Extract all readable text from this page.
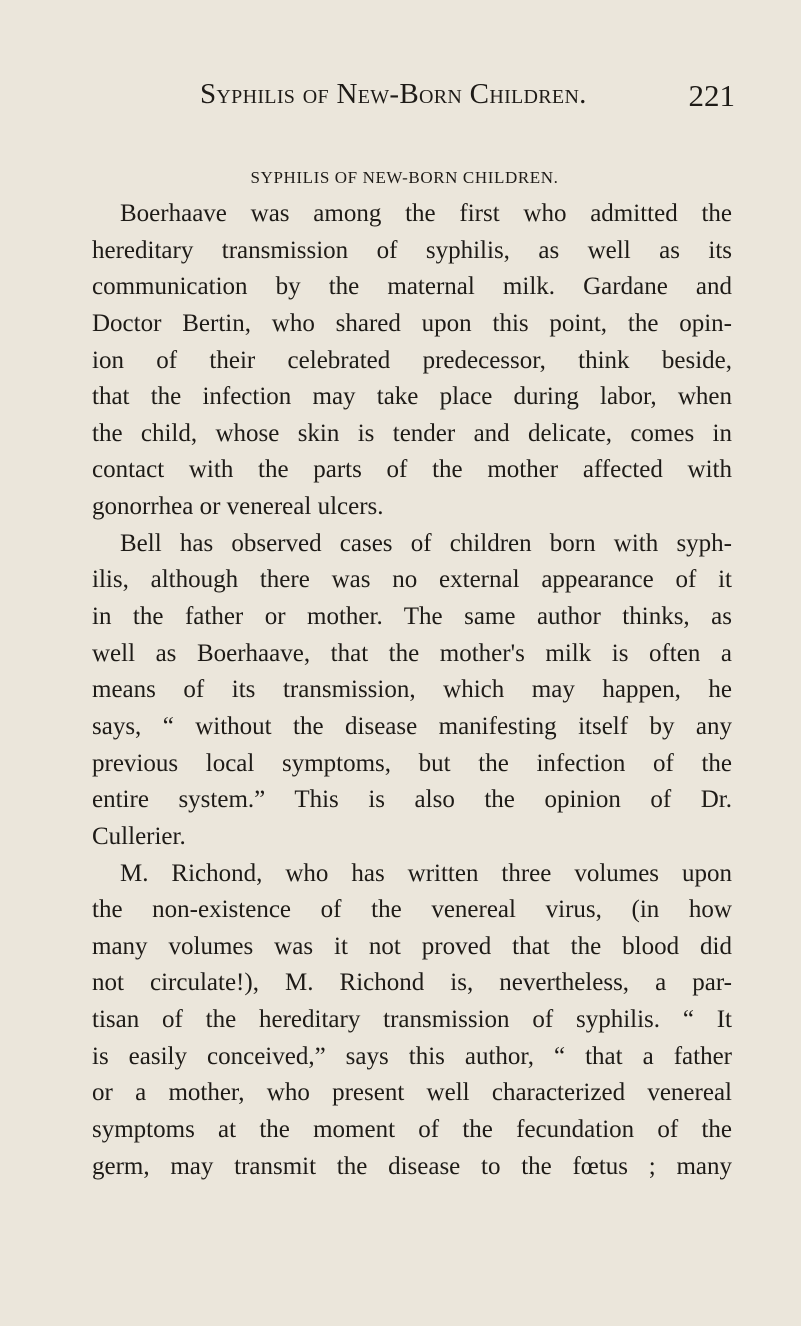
Syphilis of New-Born Children.	221
SYPHILIS OF NEW-BORN CHILDREN.
Boerhaave was among the first who admitted the
hereditary transmission of syphilis, as well as its
communication by the maternal milk. Gardane and
Doctor Bertin, who shared upon this point, the opin-
ion of their celebrated predecessor, think beside,
that the infection may take place during labor, when
the child, whose skin is tender and delicate, comes in
contact with the parts of the mother affected with
gonorrhea or venereal ulcers.
Bell has observed cases of children born with syph-
ilis, although there was no external appearance of it
in the father or mother. The same author thinks, as
well as Boerhaave, that the mother's milk is often a
means of its transmission, which may happen, he
says, “ without the disease manifesting itself by any
previous local symptoms, but the infection of the
entire system.” This is also the opinion of Dr.
Cullerier.
M. Richond, who has written three volumes upon
the non-existence of the venereal virus, (in how
many volumes was it not proved that the blood did
not circulate!), M. Richond is, nevertheless, a par-
tisan of the hereditary transmission of syphilis. “ It
is easily conceived,” says this author, “ that a father
or a mother, who present well characterized venereal
symptoms at the moment of the fecundation of the
germ, may transmit the disease to the fœtus ; many
